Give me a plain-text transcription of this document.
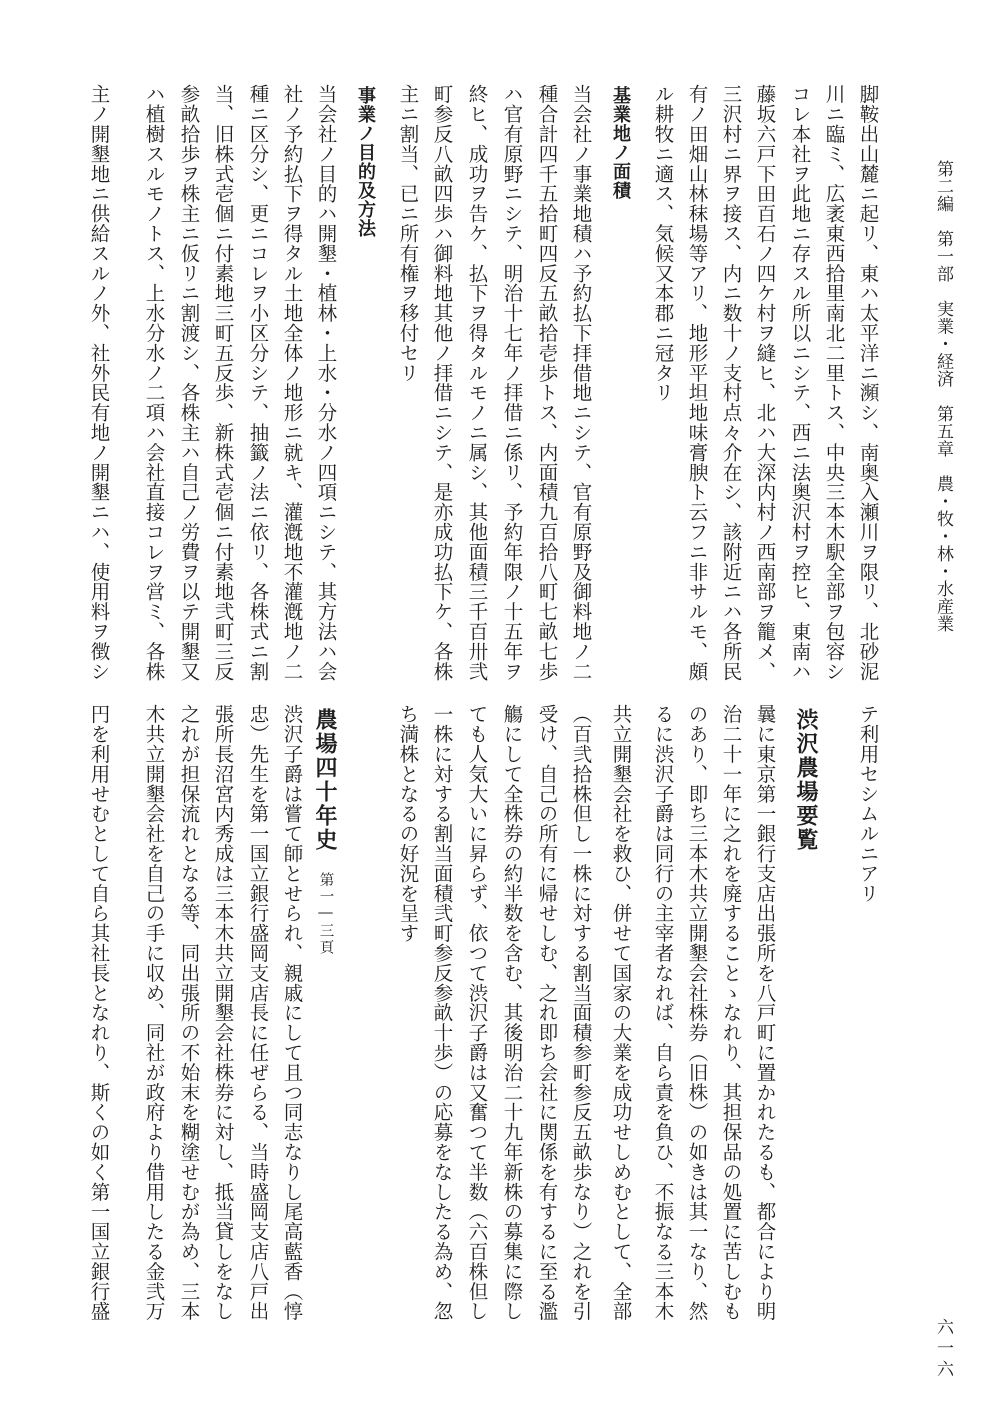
第二編　第一部　実業・経済　第五章　農・牧・林・水産業
六一六
脚鞍出山麓ニ起リ、東ハ太平洋ニ瀕シ、南奥入瀬川ヲ限リ、北砂泥
川ニ臨ミ、広袤東西拾里南北二里トス、中央三本木駅全部ヲ包容シ
コレ本社ヲ此地ニ存スル所以ニシテ、西ニ法奥沢村ヲ控ヒ、東南ハ
藤坂六戸下田百石ノ四ケ村ヲ縫ヒ、北ハ大深内村ノ西南部ヲ籠メ、
三沢村ニ界ヲ接ス、内ニ数十ノ支村点々介在シ、該附近ニハ各所民
有ノ田畑山林秣場等アリ、地形平坦地味膏腴ト云フニ非サルモ、頗
ル耕牧ニ適ス、気候又本郡ニ冠タリ
基業地ノ面積
当会社ノ事業地積ハ予約払下拝借地ニシテ、官有原野及御料地ノ二
種合計四千五拾町四反五畝拾壱歩トス、内面積九百拾八町七畝七歩
ハ官有原野ニシテ、明治十七年ノ拝借ニ係リ、予約年限ノ十五年ヲ
終ヒ、成功ヲ告ケ、払下ヲ得タルモノニ属シ、其他面積三千百卅弐
町参反八畝四歩ハ御料地其他ノ拝借ニシテ、是亦成功払下ケ、各株
主ニ割当、已ニ所有権ヲ移付セリ
事業ノ目的及方法
当会社ノ目的ハ開墾・植林・上水・分水ノ四項ニシテ、其方法ハ会
社ノ予約払下ヲ得タル土地全体ノ地形ニ就キ、灌漑地不灌漑地ノ二
種ニ区分シ、更ニコレヲ小区分シテ、抽籤ノ法ニ依リ、各株式ニ割
当、旧株式壱個ニ付素地三町五反歩、新株式壱個ニ付素地弐町三反
参畝拾歩ヲ株主ニ仮リニ割渡シ、各株主ハ自己ノ労費ヲ以テ開墾又
ハ植樹スルモノトス、上水分水ノ二項ハ会社直接コレヲ営ミ、各株
主ノ開墾地ニ供給スルノ外、社外民有地ノ開墾ニハ、使用料ヲ徴シ
テ利用セシムルニアリ
渋沢農場要覧
曩に東京第一銀行支店出張所を八戸町に置かれたるも、都合により明
治二十一年に之れを廃することゝなれり、其担保品の処置に苦しむも
のあり、即ち三本木共立開墾会社株券（旧株）の如きは其一なり、然
るに渋沢子爵は同行の主宰者なれば、自ら責を負ひ、不振なる三本木
共立開墾会社を救ひ、併せて国家の大業を成功せしめむとして、全部
（百弐拾株但し一株に対する割当面積参町参反五畝歩なり）之れを引
受け、自己の所有に帰せしむ、之れ即ち会社に関係を有するに至る濫
觴にして全株券の約半数を含む、其後明治二十九年新株の募集に際し
ても人気大いに昇らず、依つて渋沢子爵は又奮つて半数（六百株但し
一株に対する割当面積弐町参反参畝十歩）の応募をなしたる為め、忽
ち満株となるの好況を呈す
農場四十年史
第一―三頁
渋沢子爵は嘗て師とせられ、親戚にして且つ同志なりし尾高藍香（惇
忠）先生を第一国立銀行盛岡支店長に任ぜらる、当時盛岡支店八戸出
張所長沼宮内秀成は三本木共立開墾会社株券に対し、抵当貸しをなし
之れが担保流れとなる等、同出張所の不始末を糊塗せむが為め、三本
木共立開墾会社を自己の手に収め、同社が政府より借用したる金弐万
円を利用せむとして自ら其社長となれり、斯くの如く第一国立銀行盛
